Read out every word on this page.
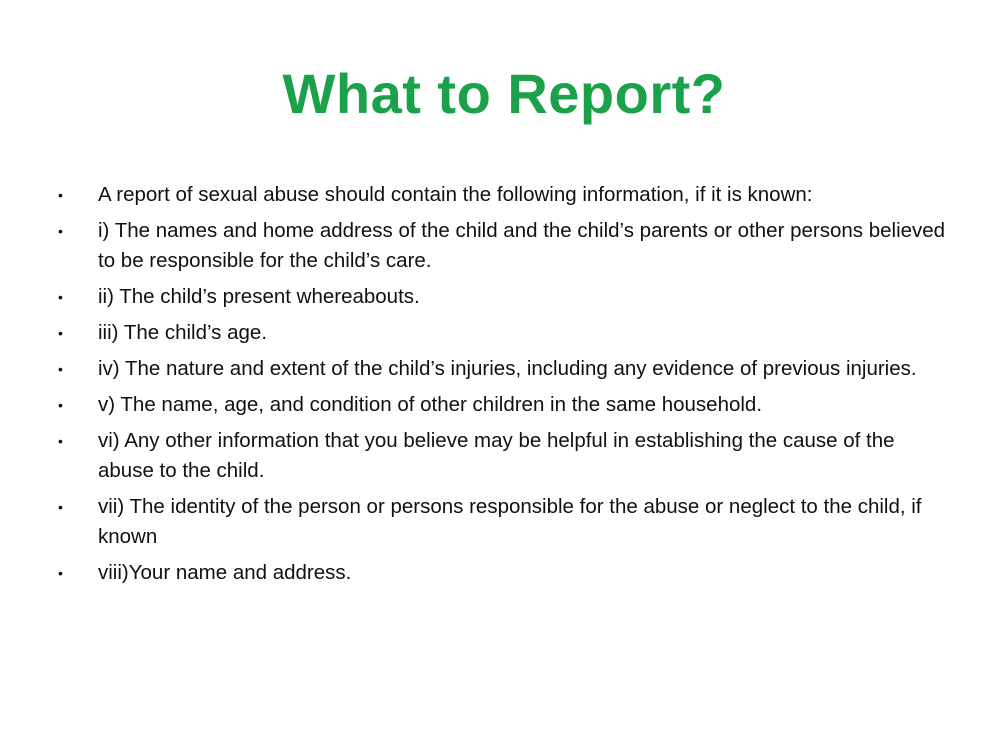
What to Report?
•	A report of sexual abuse should contain the following information, if it is known:
•	i) The names and home address of the child and the child’s parents or other persons believed to be responsible for the child’s care.
•	ii) The child’s present whereabouts.
•	iii) The child’s age.
•	iv) The nature and extent of the child’s injuries, including any evidence of previous injuries.
•	v) The name, age, and condition of other children in the same household.
•	vi) Any other information that you believe may be helpful in establishing the cause of the abuse to the child.
•	vii) The identity of the person or persons responsible for the abuse or neglect to the child, if known
•	viii)Your name and address.
